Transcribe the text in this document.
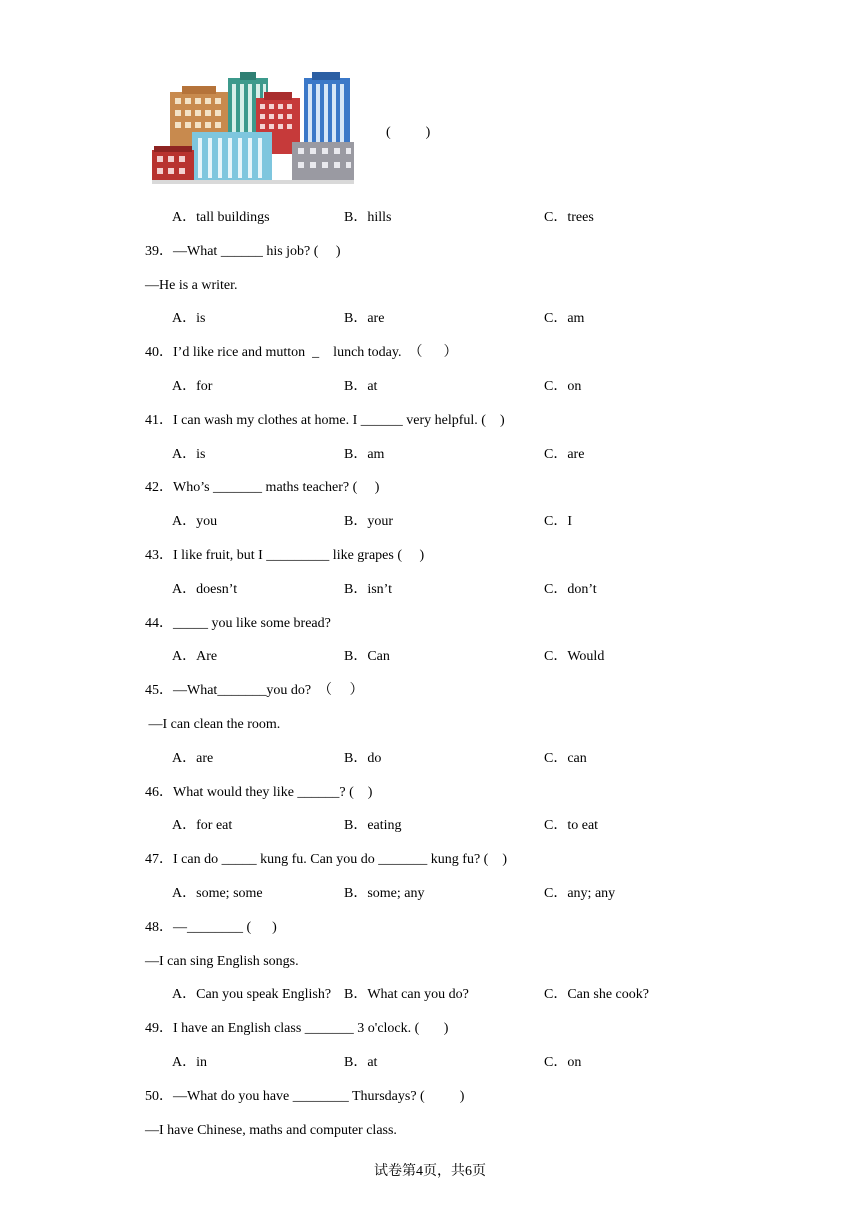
(          )
A．tall buildings	B．hills	C．trees
39．—What ______ his job? (     )
—He is a writer.
A．is	B．are	C．am
40．I’d like rice and mutton  _    lunch today.  （      ）
A．for	B．at	C．on
41．I can wash my clothes at home. I ______ very helpful. (    )
A．is	B．am	C．are
42．Who’s _______ maths teacher? (     )
A．you	B．your	C．I
43．I like fruit, but I _________ like grapes (     )
A．doesn’t	B．isn’t	C．don’t
44．_____ you like some bread?
A．Are	B．Can	C．Would
45．—What_______you do?  （     ）
—I can clean the room.
A．are	B．do	C．can
46．What would they like ______? (    )
A．for eat	B．eating	C．to eat
47．I can do _____ kung fu. Can you do _______ kung fu? (    )
A．some; some	B．some; any	C．any; any
48．—________ (      )
—I can sing English songs.
A．Can you speak English? B．What can you do?	C．Can she cook?
49．I have an English class _______ 3 o'clock. (       )
A．in	B．at	C．on
50．—What do you have ________ Thursdays? (          )
—I have Chinese, maths and computer class.
试卷第4页，共6页
